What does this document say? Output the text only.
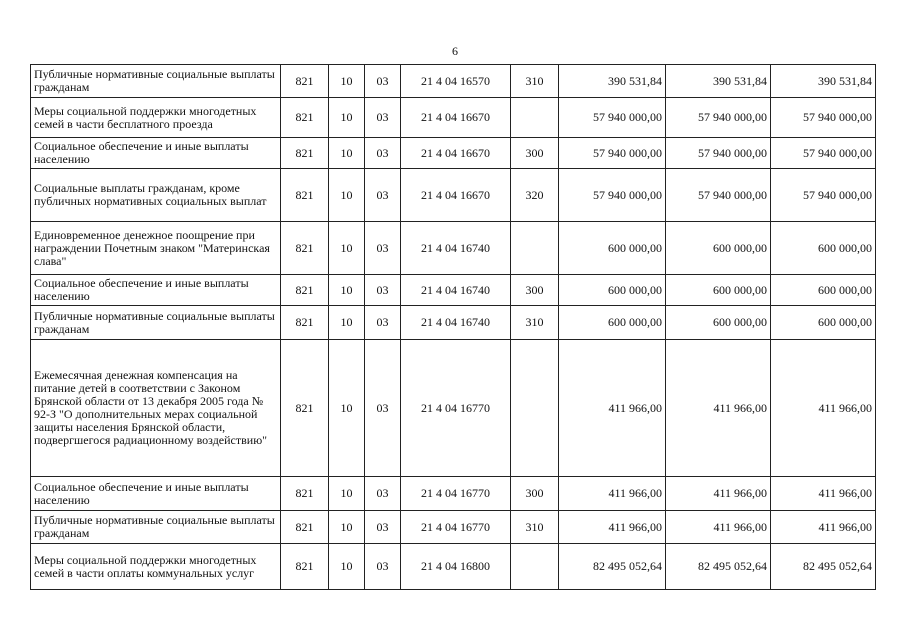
6
Публичные нормативные социальные выплаты гражданам	821	10	03	21 4 04 16570	310	390 531,84	390 531,84	390 531,84
Меры социальной поддержки многодетных семей в части бесплатного проезда	821	10	03	21 4 04 16670		57 940 000,00	57 940 000,00	57 940 000,00
Социальное обеспечение и иные выплаты населению	821	10	03	21 4 04 16670	300	57 940 000,00	57 940 000,00	57 940 000,00
Социальные выплаты гражданам, кроме публичных нормативных социальных выплат	821	10	03	21 4 04 16670	320	57 940 000,00	57 940 000,00	57 940 000,00
Единовременное денежное поощрение при награждении Почетным знаком "Материнская слава"	821	10	03	21 4 04 16740		600 000,00	600 000,00	600 000,00
Социальное обеспечение и иные выплаты населению	821	10	03	21 4 04 16740	300	600 000,00	600 000,00	600 000,00
Публичные нормативные социальные выплаты гражданам	821	10	03	21 4 04 16740	310	600 000,00	600 000,00	600 000,00
Ежемесячная денежная компенсация на питание детей в соответствии с Законом Брянской области от 13 декабря 2005 года № 92-З "О дополнительных мерах социальной защиты населения Брянской области, подвергшегося радиационному воздействию"	821	10	03	21 4 04 16770		411 966,00	411 966,00	411 966,00
Социальное обеспечение и иные выплаты населению	821	10	03	21 4 04 16770	300	411 966,00	411 966,00	411 966,00
Публичные нормативные социальные выплаты гражданам	821	10	03	21 4 04 16770	310	411 966,00	411 966,00	411 966,00
Меры социальной поддержки многодетных семей в части оплаты коммунальных услуг	821	10	03	21 4 04 16800		82 495 052,64	82 495 052,64	82 495 052,64
